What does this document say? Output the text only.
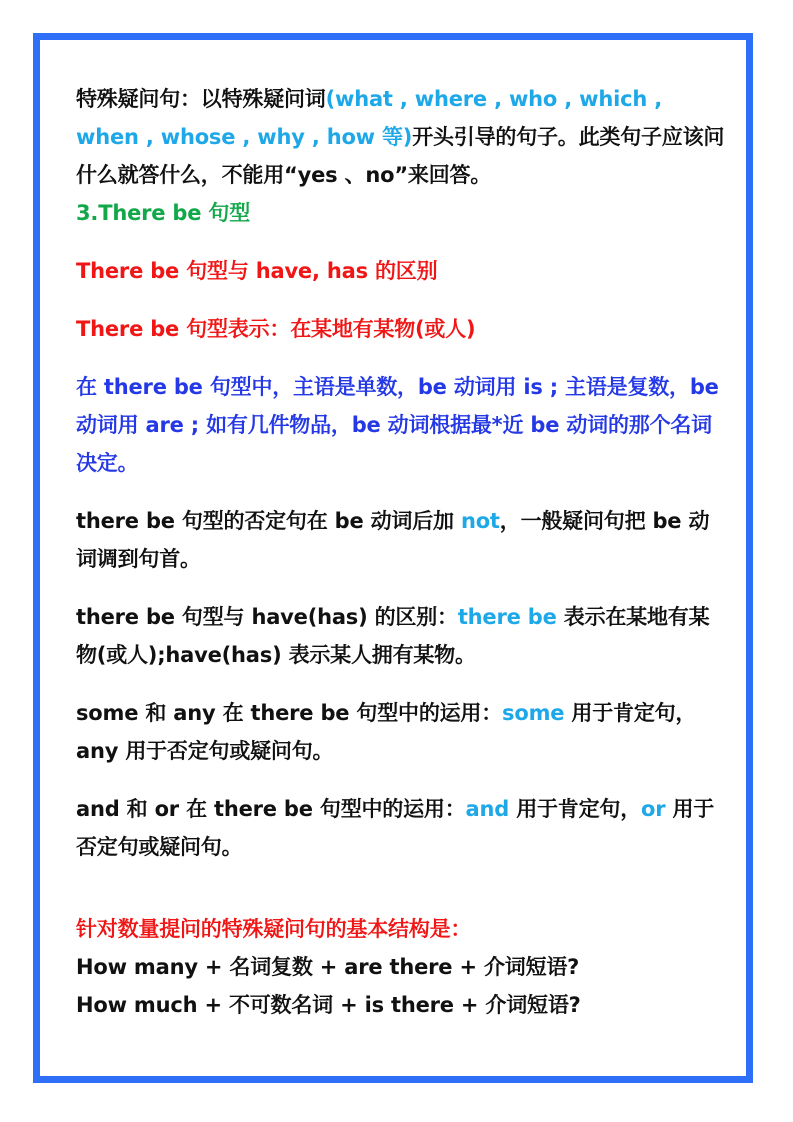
特殊疑问句：以特殊疑问词(what , where , who , which , when , whose , why , how 等)开头引导的句子。此类句子应该问什么就答什么，不能用“yes 、no”来回答。

3.There be 句型

There be 句型与 have, has 的区别

There be 句型表示：在某地有某物(或人)

在 there be 句型中，主语是单数，be 动词用 is ; 主语是复数，be 动词用 are ; 如有几件物品，be 动词根据最*近 be 动词的那个名词决定。

there be 句型的否定句在 be 动词后加 not，一般疑问句把 be 动词调到句首。

there be 句型与 have(has) 的区别：there be 表示在某地有某物(或人);have(has) 表示某人拥有某物。

some 和 any 在 there be 句型中的运用：some 用于肯定句， any 用于否定句或疑问句。

and 和 or 在 there be 句型中的运用：and 用于肯定句，or 用于否定句或疑问句。

针对数量提问的特殊疑问句的基本结构是：

How many + 名词复数 + are there + 介词短语?

How much + 不可数名词 + is there + 介词短语?
